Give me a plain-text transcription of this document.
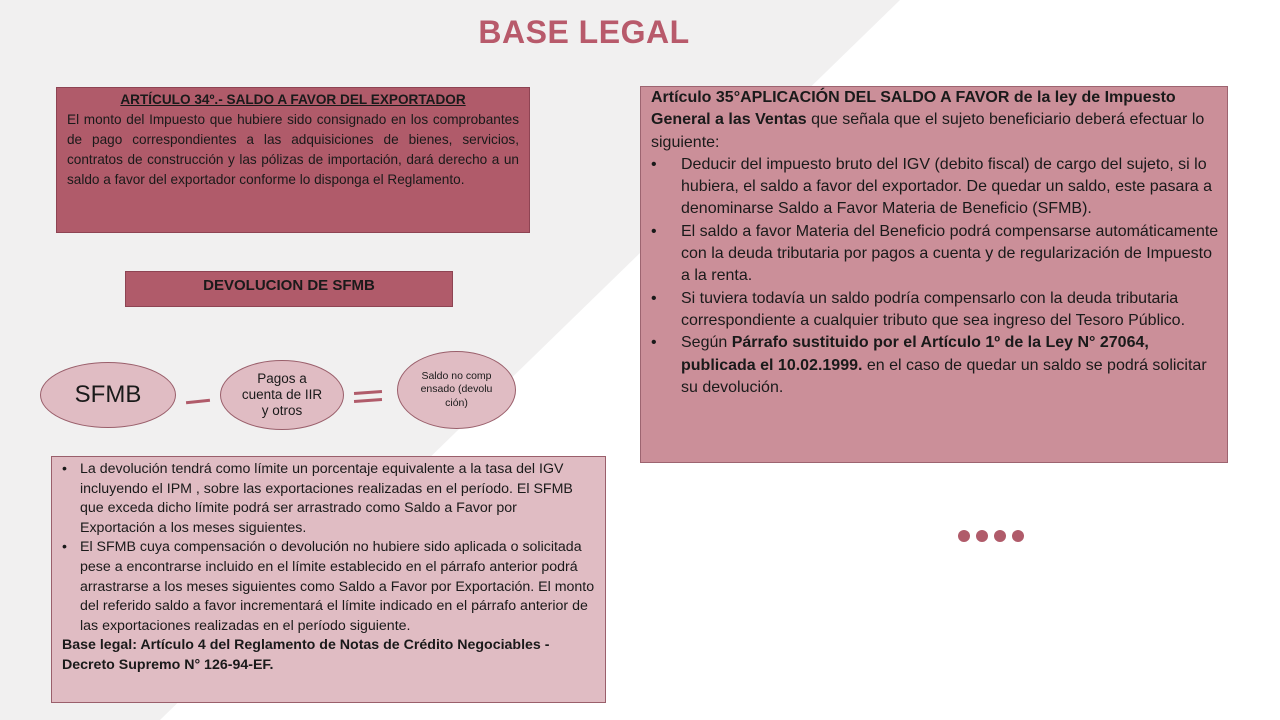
BASE LEGAL
ARTÍCULO 34º.- SALDO A FAVOR DEL EXPORTADOR
El monto del Impuesto que hubiere sido consignado en los comprobantes de pago correspondientes a las adquisiciones de bienes, servicios, contratos de construcción y las pólizas de importación, dará derecho a un saldo a favor del exportador conforme lo disponga el Reglamento.
Artículo 35°APLICACIÓN DEL SALDO A FAVOR de la ley de Impuesto General a las Ventas que señala que el sujeto beneficiario deberá efectuar lo siguiente:
• Deducir del impuesto bruto del IGV (debito fiscal) de cargo del sujeto, si lo hubiera, el saldo a favor del exportador. De quedar un saldo, este pasara a denominarse Saldo a Favor Materia de Beneficio (SFMB).
• El saldo a favor Materia del Beneficio podrá compensarse automáticamente con la deuda tributaria por pagos a cuenta y de regularización de Impuesto a la renta.
• Si tuviera todavía un saldo podría compensarlo con la deuda tributaria correspondiente a cualquier tributo que sea ingreso del Tesoro Público.
• Según Párrafo sustituido por el Artículo 1º de la Ley N° 27064, publicada el 10.02.1999. en el caso de quedar un saldo se podrá solicitar su devolución.
DEVOLUCION DE SFMB
SFMB
Pagos a cuenta de IIR y otros
Saldo no compensado (devolución)
• La devolución tendrá como límite un porcentaje equivalente a la tasa del IGV incluyendo el IPM , sobre las exportaciones realizadas en el período. El SFMB que exceda dicho límite podrá ser arrastrado como Saldo a Favor por Exportación a los meses siguientes.
• El SFMB cuya compensación o devolución no hubiere sido aplicada o solicitada pese a encontrarse incluido en el límite establecido en el párrafo anterior podrá arrastrarse a los meses siguientes como Saldo a Favor por Exportación. El monto del referido saldo a favor incrementará el límite indicado en el párrafo anterior de las exportaciones realizadas en el período siguiente.
Base legal: Artículo 4 del Reglamento de Notas de Crédito Negociables - Decreto Supremo N° 126-94-EF.
